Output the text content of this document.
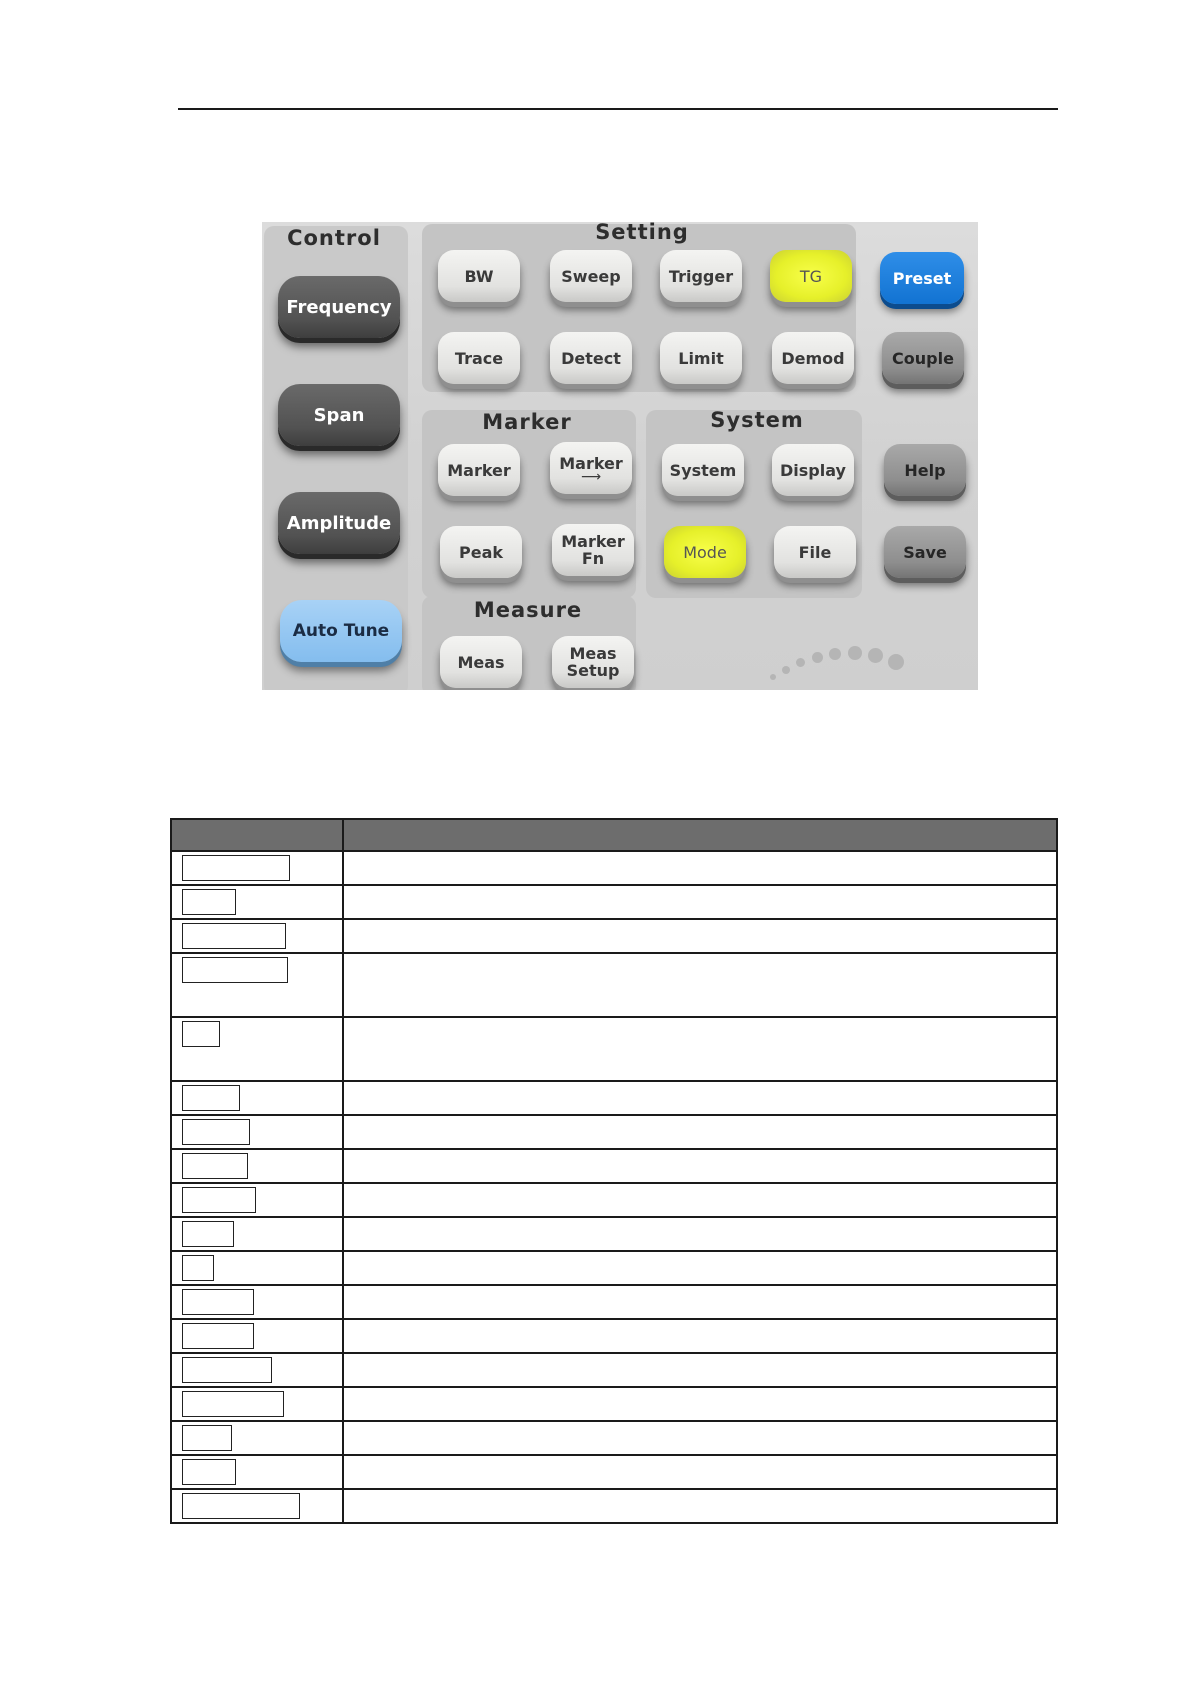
Control	Setting
Marker	System
Measure
Frequency
Span
Amplitude
Auto Tune
BW	Sweep	Trigger	TG	Preset
Trace	Detect	Limit	Demod	Couple
Marker	Marker
⟶	System	Display	Help
Peak
Marker
Fn	Mode	File	Save
Meas	Meas
Setup
